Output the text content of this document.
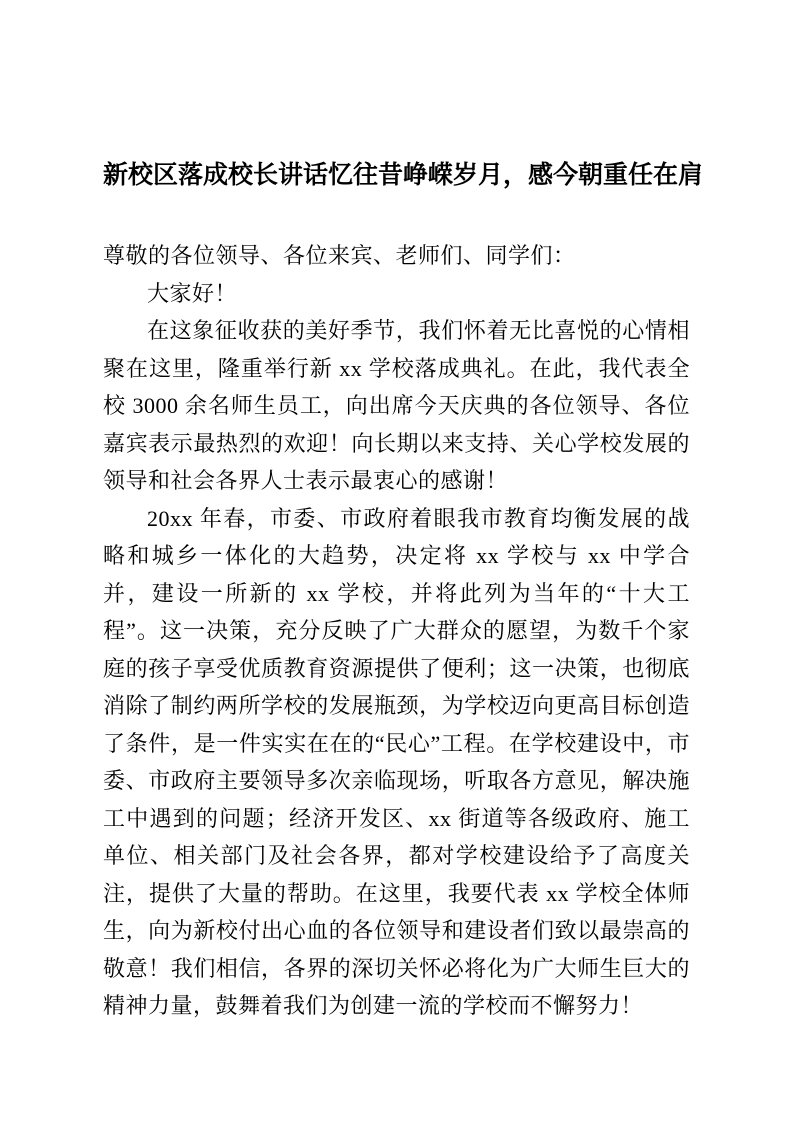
新校区落成校长讲话忆往昔峥嵘岁月，感今朝重任在肩

尊敬的各位领导、各位来宾、老师们、同学们：

大家好！

在这象征收获的美好季节，我们怀着无比喜悦的心情相聚在这里，隆重举行新 xx 学校落成典礼。在此，我代表全校 3000 余名师生员工，向出席今天庆典的各位领导、各位嘉宾表示最热烈的欢迎！向长期以来支持、关心学校发展的领导和社会各界人士表示最衷心的感谢！

20xx 年春，市委、市政府着眼我市教育均衡发展的战略和城乡一体化的大趋势，决定将 xx 学校与 xx 中学合并，建设一所新的 xx 学校，并将此列为当年的“十大工程”。这一决策，充分反映了广大群众的愿望，为数千个家庭的孩子享受优质教育资源提供了便利；这一决策，也彻底消除了制约两所学校的发展瓶颈，为学校迈向更高目标创造了条件，是一件实实在在的“民心”工程。在学校建设中，市委、市政府主要领导多次亲临现场，听取各方意见，解决施工中遇到的问题；经济开发区、xx 街道等各级政府、施工单位、相关部门及社会各界，都对学校建设给予了高度关注，提供了大量的帮助。在这里，我要代表 xx 学校全体师生，向为新校付出心血的各位领导和建设者们致以最崇高的敬意！我们相信，各界的深切关怀必将化为广大师生巨大的精神力量，鼓舞着我们为创建一流的学校而不懈努力！
